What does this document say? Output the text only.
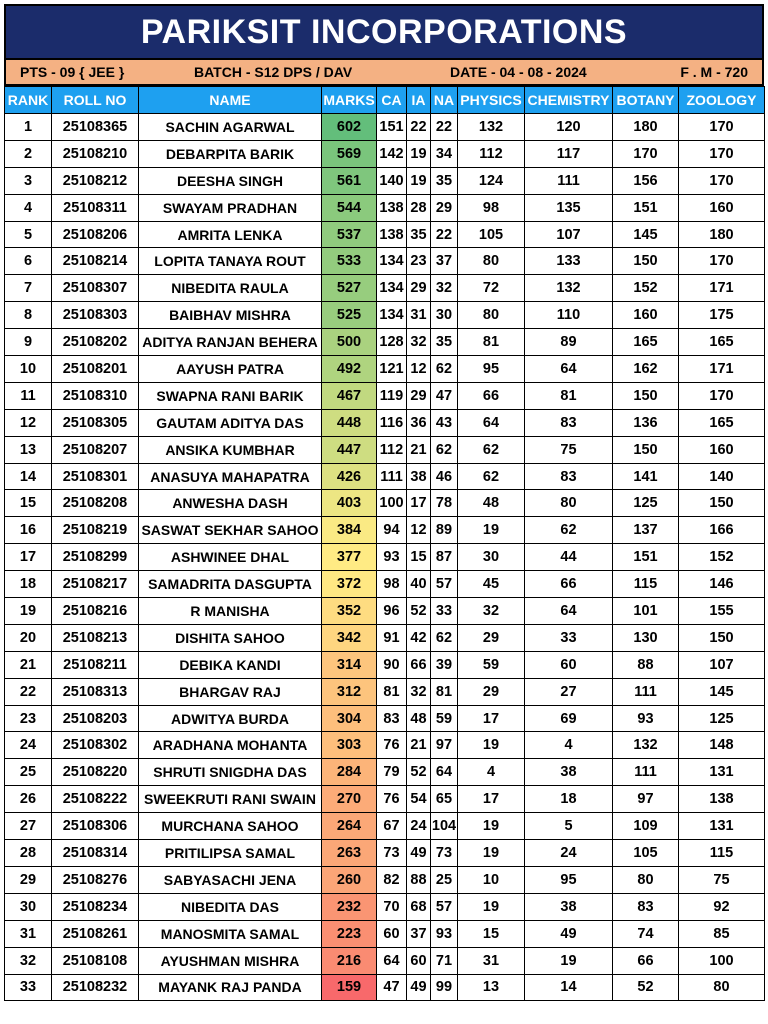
PARIKSIT INCORPORATIONS
PTS - 09 { JEE }	BATCH - S12 DPS / DAV	DATE - 04 - 08 - 2024	F . M - 720
RANK	ROLL NO	NAME	MARKS	CA	IA	NA	PHYSICS	CHEMISTRY	BOTANY	ZOOLOGY
1	25108365	SACHIN AGARWAL	602	151	22	22	132	120	180	170
2	25108210	DEBARPITA BARIK	569	142	19	34	112	117	170	170
3	25108212	DEESHA SINGH	561	140	19	35	124	111	156	170
4	25108311	SWAYAM PRADHAN	544	138	28	29	98	135	151	160
5	25108206	AMRITA LENKA	537	138	35	22	105	107	145	180
6	25108214	LOPITA TANAYA ROUT	533	134	23	37	80	133	150	170
7	25108307	NIBEDITA RAULA	527	134	29	32	72	132	152	171
8	25108303	BAIBHAV MISHRA	525	134	31	30	80	110	160	175
9	25108202	ADITYA RANJAN BEHERA	500	128	32	35	81	89	165	165
10	25108201	AAYUSH PATRA	492	121	12	62	95	64	162	171
11	25108310	SWAPNA RANI BARIK	467	119	29	47	66	81	150	170
12	25108305	GAUTAM ADITYA DAS	448	116	36	43	64	83	136	165
13	25108207	ANSIKA KUMBHAR	447	112	21	62	62	75	150	160
14	25108301	ANASUYA MAHAPATRA	426	111	38	46	62	83	141	140
15	25108208	ANWESHA DASH	403	100	17	78	48	80	125	150
16	25108219	SASWAT SEKHAR SAHOO	384	94	12	89	19	62	137	166
17	25108299	ASHWINEE DHAL	377	93	15	87	30	44	151	152
18	25108217	SAMADRITA DASGUPTA	372	98	40	57	45	66	115	146
19	25108216	R MANISHA	352	96	52	33	32	64	101	155
20	25108213	DISHITA SAHOO	342	91	42	62	29	33	130	150
21	25108211	DEBIKA KANDI	314	90	66	39	59	60	88	107
22	25108313	BHARGAV RAJ	312	81	32	81	29	27	111	145
23	25108203	ADWITYA BURDA	304	83	48	59	17	69	93	125
24	25108302	ARADHANA MOHANTA	303	76	21	97	19	4	132	148
25	25108220	SHRUTI SNIGDHA DAS	284	79	52	64	4	38	111	131
26	25108222	SWEEKRUTI RANI SWAIN	270	76	54	65	17	18	97	138
27	25108306	MURCHANA SAHOO	264	67	24	104	19	5	109	131
28	25108314	PRITILIPSA SAMAL	263	73	49	73	19	24	105	115
29	25108276	SABYASACHI JENA	260	82	88	25	10	95	80	75
30	25108234	NIBEDITA DAS	232	70	68	57	19	38	83	92
31	25108261	MANOSMITA SAMAL	223	60	37	93	15	49	74	85
32	25108108	AYUSHMAN MISHRA	216	64	60	71	31	19	66	100
33	25108232	MAYANK RAJ PANDA	159	47	49	99	13	14	52	80
